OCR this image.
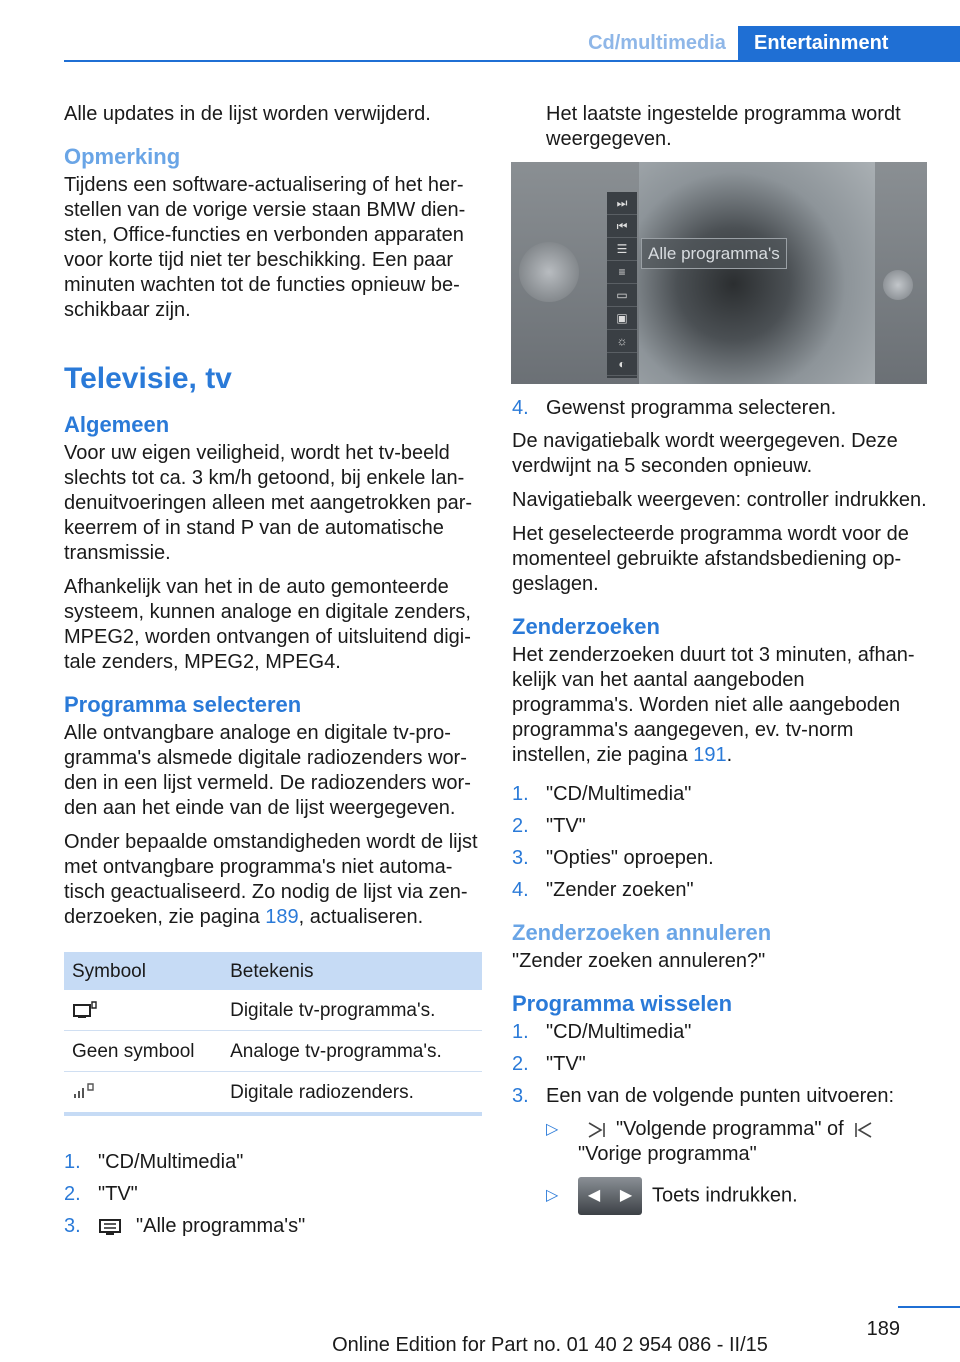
Cd/multimedia	Entertainment

Alle updates in de lijst worden verwijderd.

Opmerking

Tijdens een software-actualisering of het herstellen van de vorige versie staan BMW diensten, Office-functies en verbonden apparaten voor korte tijd niet ter beschikking. Een paar minuten wachten tot de functies opnieuw beschikbaar zijn.

Televisie, tv
Algemeen

Voor uw eigen veiligheid, wordt het tv-beeld slechts tot ca. 3 km/h getoond, bij enkele landenuitvoeringen alleen met aangetrokken parkeerrem of in stand P van de automatische transmissie.

Afhankelijk van het in de auto gemonteerde systeem, kunnen analoge en digitale zenders, MPEG2, worden ontvangen of uitsluitend digitale zenders, MPEG2, MPEG4.

Programma selecteren

Alle ontvangbare analoge en digitale tv-programma's alsmede digitale radiozenders worden in een lijst vermeld. De radiozenders worden aan het einde van de lijst weergegeven.

Onder bepaalde omstandigheden wordt de lijst met ontvangbare programma's niet automatisch geactualiseerd. Zo nodig de lijst via zenderzoeken, zie pagina 189, actualiseren.

Symbool	Betekenis
	Digitale tv-programma's.
Geen symbool	Analoge tv-programma's.
	Digitale radiozenders.
1. "CD/Multimedia"
2. "TV"
3.	"Alle programma's"

Het laatste ingestelde programma wordt weergegeven.

⏭
⏮
☰
≡
▭
▣
☼
◐
Alle programma's
4. Gewenst programma selecteren.

De navigatiebalk wordt weergegeven. Deze verdwijnt na 5 seconden opnieuw.

Navigatiebalk weergeven: controller indrukken.

Het geselecteerde programma wordt voor de momenteel gebruikte afstandsbediening opgeslagen.

Zenderzoeken

Het zenderzoeken duurt tot 3 minuten, afhankelijk van het aantal aangeboden programma's. Worden niet alle aangeboden programma's aangegeven, ev. tv-norm instellen, zie pagina 191.

1. "CD/Multimedia"
2. "TV"
3. "Opties" oproepen.
4. "Zender zoeken"
Zenderzoeken annuleren

"Zender zoeken annuleren?"

Programma wisselen
1. "CD/Multimedia"
2. "TV"
3. Een van de volgende punten uitvoeren:
▷	"Volgende programma" of
"Vorige programma"
▷	◀	▶ Toets indrukken.
189
Online Edition for Part no. 01 40 2 954 086 - II/15
